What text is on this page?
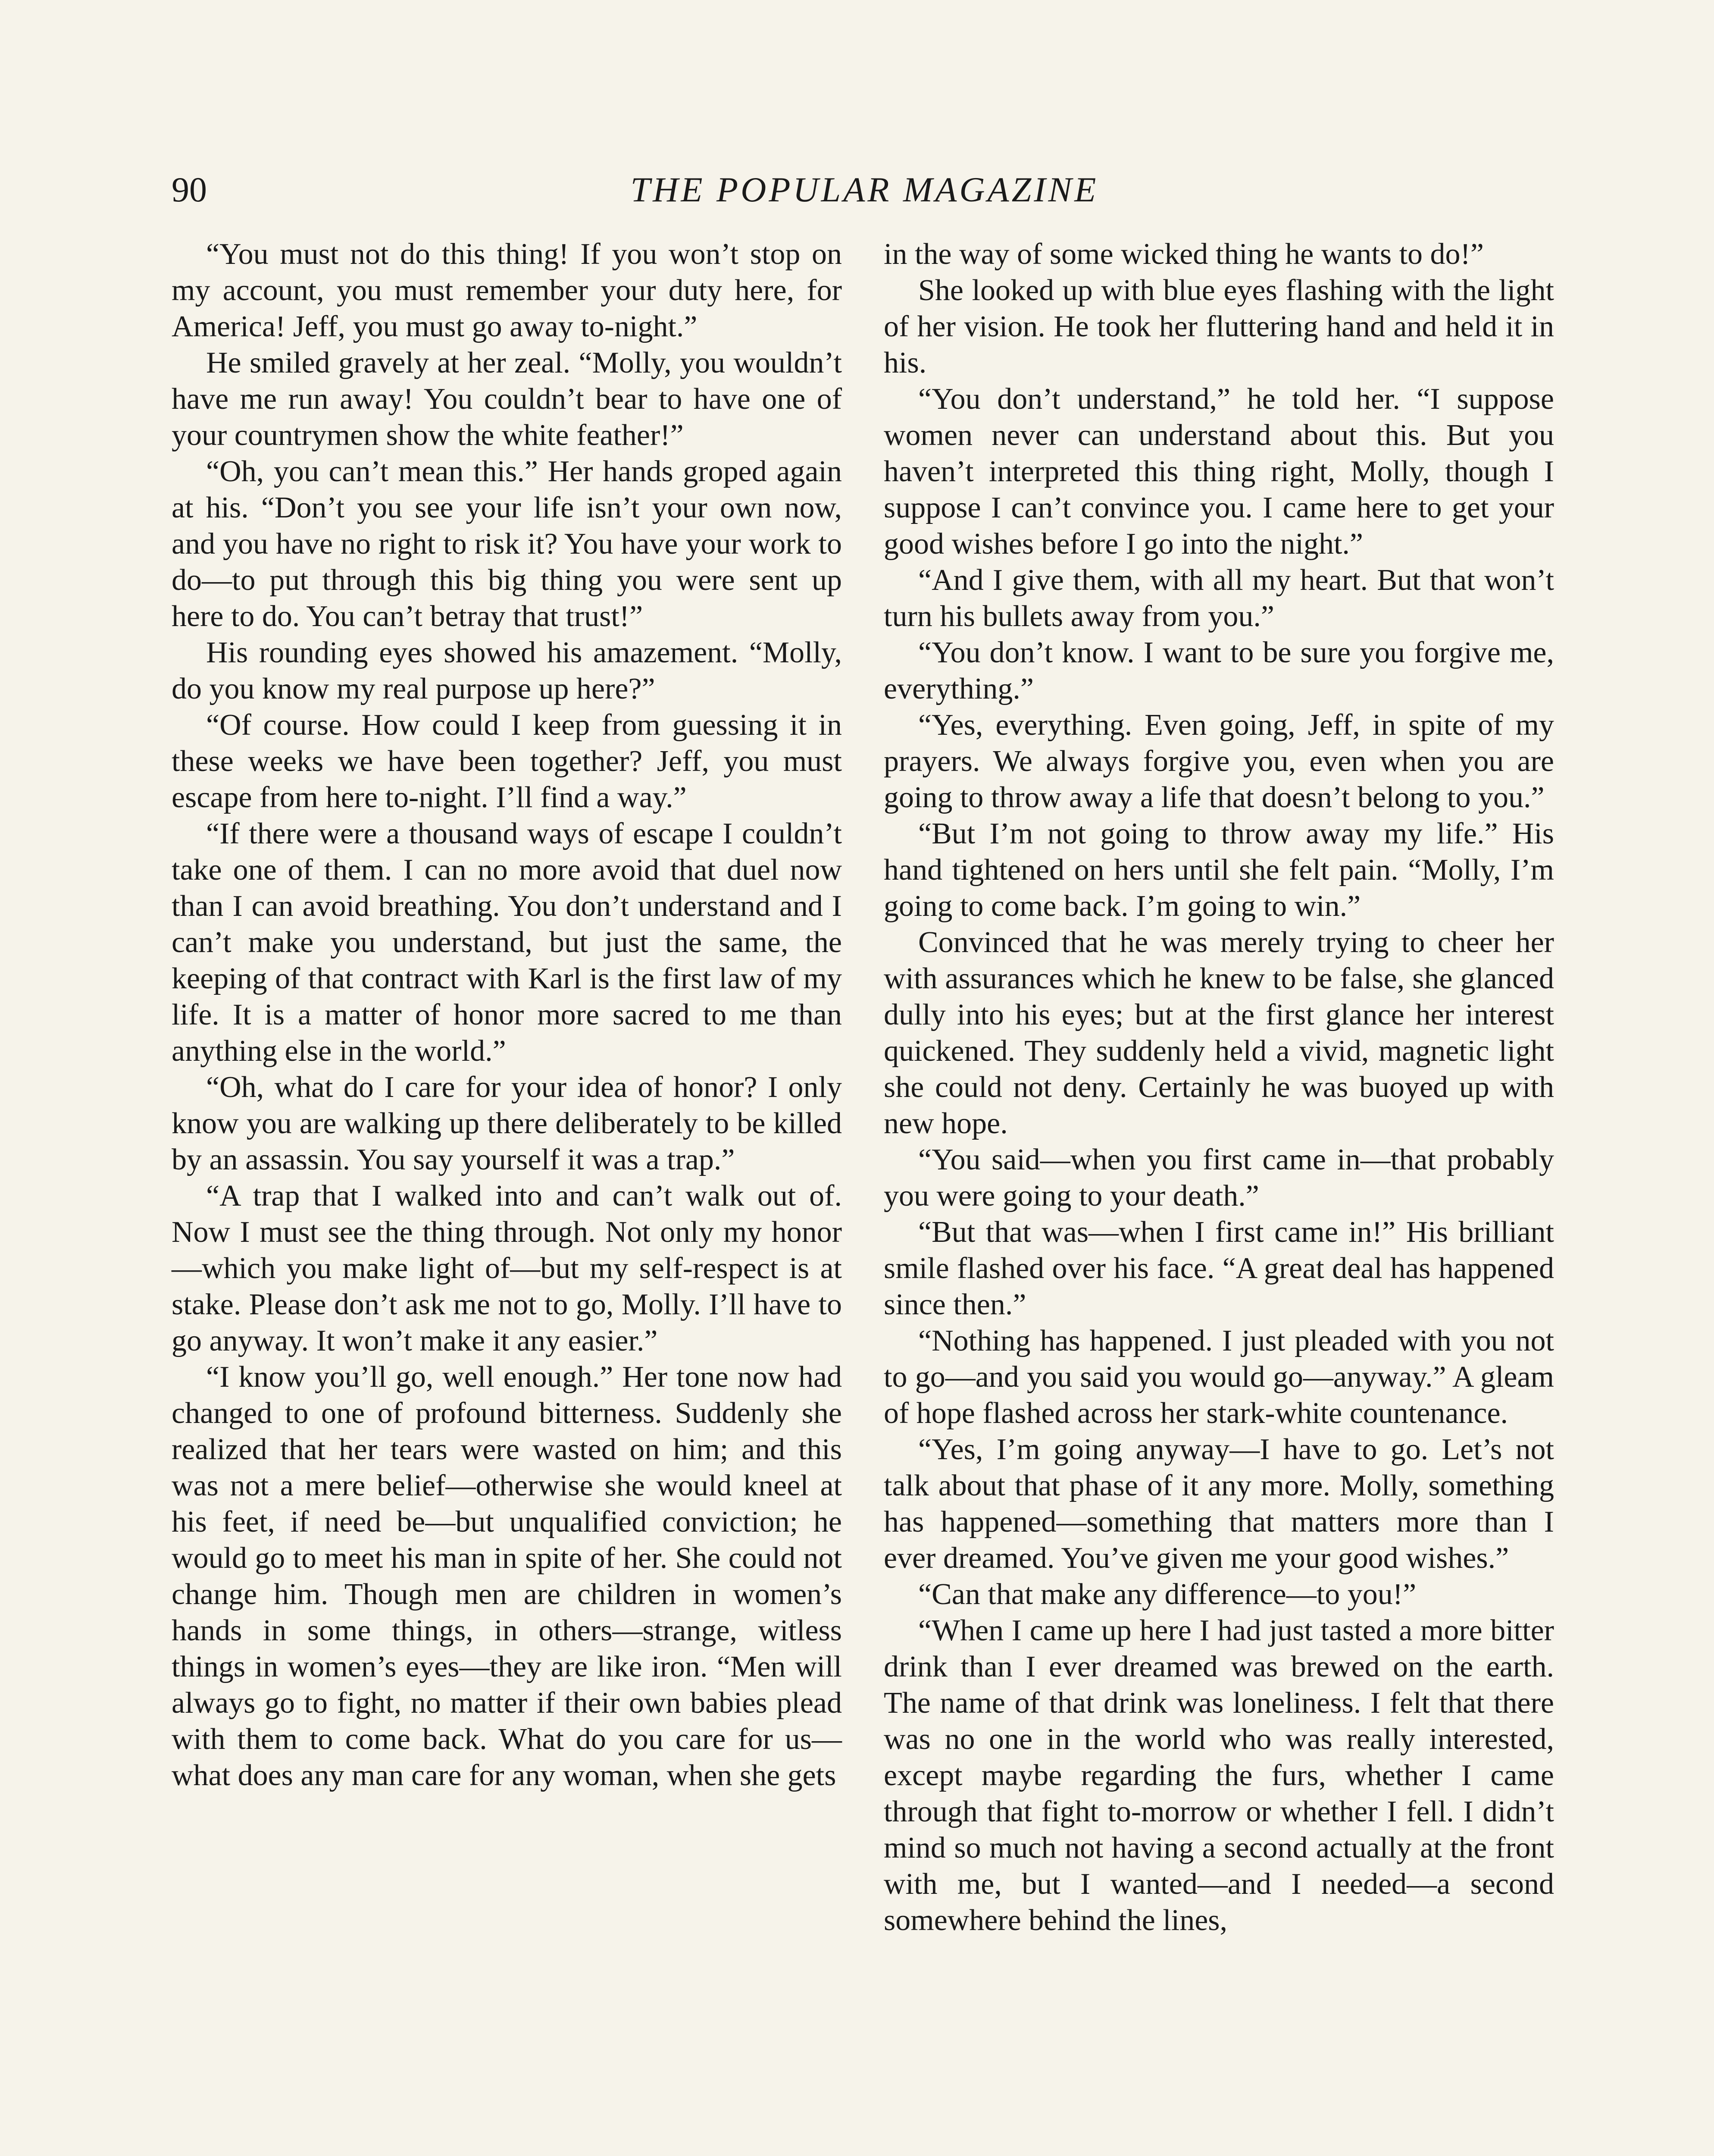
90	THE POPULAR MAGAZINE

“You must not do this thing! If you won’t stop on my account, you must remember your duty here, for America! Jeff, you must go away to-night.”

He smiled gravely at her zeal. “Molly, you wouldn’t have me run away! You couldn’t bear to have one of your countrymen show the white feather!”

“Oh, you can’t mean this.” Her hands groped again at his. “Don’t you see your life isn’t your own now, and you have no right to risk it? You have your work to do—to put through this big thing you were sent up here to do. You can’t betray that trust!”

His rounding eyes showed his amazement. “Molly, do you know my real purpose up here?”

“Of course. How could I keep from guessing it in these weeks we have been together? Jeff, you must escape from here to-night. I’ll find a way.”

“If there were a thousand ways of escape I couldn’t take one of them. I can no more avoid that duel now than I can avoid breathing. You don’t understand and I can’t make you understand, but just the same, the keeping of that contract with Karl is the first law of my life. It is a matter of honor more sacred to me than anything else in the world.”

“Oh, what do I care for your idea of honor? I only know you are walking up there deliberately to be killed by an assassin. You say yourself it was a trap.”

“A trap that I walked into and can’t walk out of. Now I must see the thing through. Not only my honor—which you make light of—but my self-respect is at stake. Please don’t ask me not to go, Molly. I’ll have to go anyway. It won’t make it any easier.”

“I know you’ll go, well enough.” Her tone now had changed to one of profound bitterness. Suddenly she realized that her tears were wasted on him; and this was not a mere belief—otherwise she would kneel at his feet, if need be—but unqualified conviction; he would go to meet his man in spite of her. She could not change him. Though men are children in women’s hands in some things, in others—strange, witless things in women’s eyes—they are like iron. “Men will always go to fight, no matter if their own babies plead with them to come back. What do you care for us—what does any man care for any woman, when she gets

in the way of some wicked thing he wants to do!”

She looked up with blue eyes flashing with the light of her vision. He took her fluttering hand and held it in his.

“You don’t understand,” he told her. “I suppose women never can understand about this. But you haven’t interpreted this thing right, Molly, though I suppose I can’t convince you. I came here to get your good wishes before I go into the night.”

“And I give them, with all my heart. But that won’t turn his bullets away from you.”

“You don’t know. I want to be sure you forgive me, everything.”

“Yes, everything. Even going, Jeff, in spite of my prayers. We always forgive you, even when you are going to throw away a life that doesn’t belong to you.”

“But I’m not going to throw away my life.” His hand tightened on hers until she felt pain. “Molly, I’m going to come back. I’m going to win.”

Convinced that he was merely trying to cheer her with assurances which he knew to be false, she glanced dully into his eyes; but at the first glance her interest quickened. They suddenly held a vivid, magnetic light she could not deny. Certainly he was buoyed up with new hope.

“You said—when you first came in—that probably you were going to your death.”

“But that was—when I first came in!” His brilliant smile flashed over his face. “A great deal has happened since then.”

“Nothing has happened. I just pleaded with you not to go—and you said you would go—anyway.” A gleam of hope flashed across her stark-white countenance.

“Yes, I’m going anyway—I have to go. Let’s not talk about that phase of it any more. Molly, something has happened—something that matters more than I ever dreamed. You’ve given me your good wishes.”

“Can that make any difference—to you!”

“When I came up here I had just tasted a more bitter drink than I ever dreamed was brewed on the earth. The name of that drink was loneliness. I felt that there was no one in the world who was really interested, except maybe regarding the furs, whether I came through that fight to-morrow or whether I fell. I didn’t mind so much not having a second actually at the front with me, but I wanted—and I needed—a second somewhere behind the lines,
